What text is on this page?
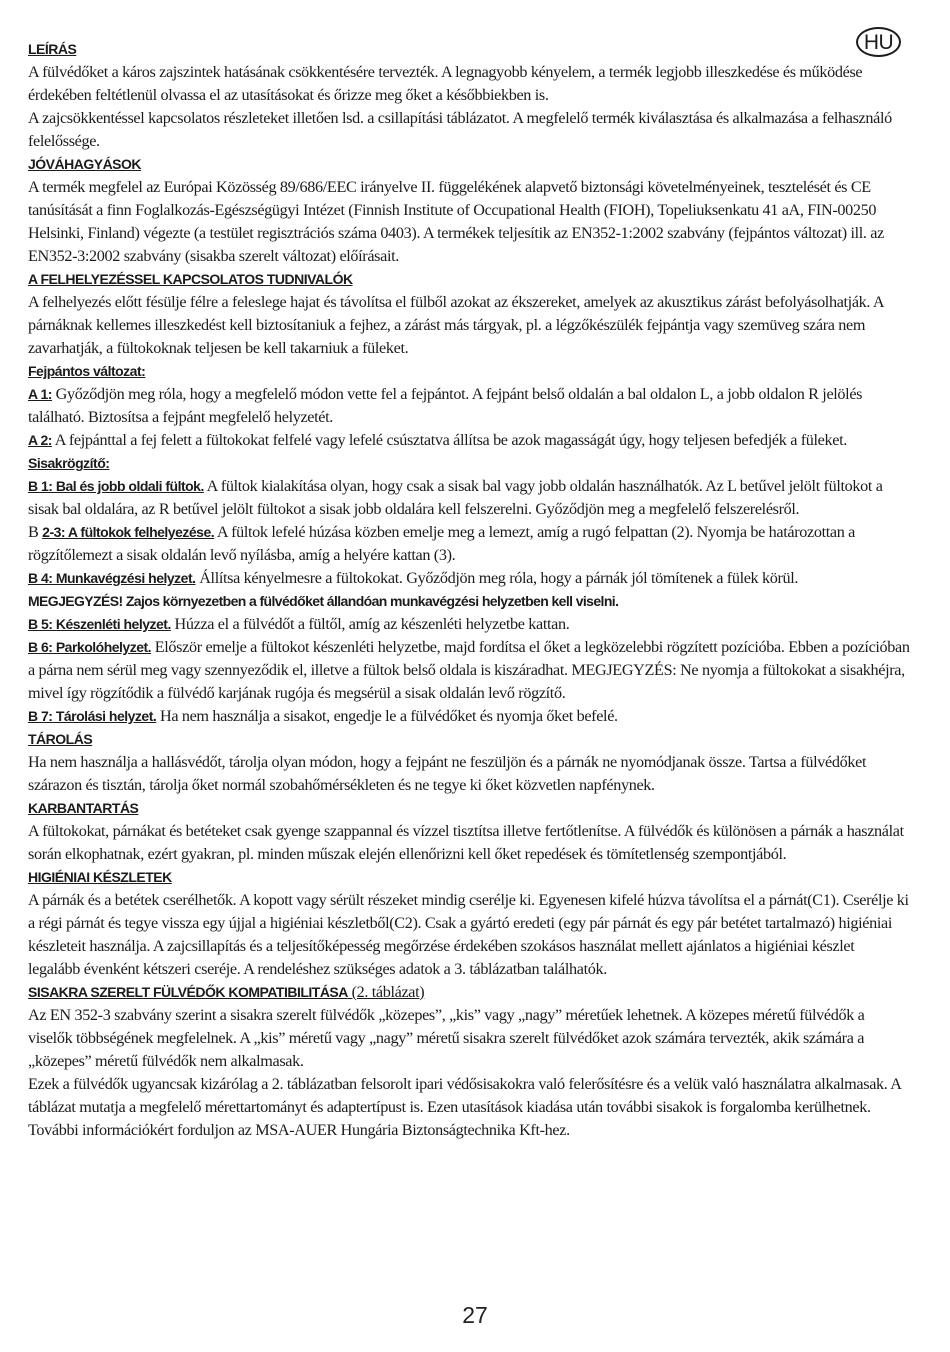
HU
LEÍRÁS

A fülvédőket a káros zajszintek hatásának csökkentésére tervezték. A legnagyobb kényelem, a termék legjobb illeszkedése és működése érdekében feltétlenül olvassa el az utasításokat és őrizze meg őket a későbbiekben is.

A zajcsökkentéssel kapcsolatos részleteket illetően lsd. a csillapítási táblázatot. A megfelelő termék kiválasztása és alkalmazása a felhasználó felelőssége.

JÓVÁHAGYÁSOK

A termék megfelel az Európai Közösség 89/686/EEC irányelve II. függelékének alapvető biztonsági követelményeinek, tesztelését és CE tanúsítását a finn Foglalkozás-Egészségügyi Intézet (Finnish Institute of Occupational Health (FIOH), Topeliuksenkatu 41 aA, FIN-00250 Helsinki, Finland) végezte (a testület regisztrációs száma 0403). A termékek teljesítik az EN352-1:2002 szabvány (fejpántos változat) ill. az EN352-3:2002 szabvány (sisakba szerelt változat) előírásait.

A FELHELYEZÉSSEL KAPCSOLATOS TUDNIVALÓK

A felhelyezés előtt fésülje félre a feleslege hajat és távolítsa el fülből azokat az ékszereket, amelyek az akusztikus zárást befolyásolhatják. A párnáknak kellemes illeszkedést kell biztosítaniuk a fejhez, a zárást más tárgyak, pl. a légzőkészülék fejpántja vagy szemüveg szára nem zavarhatják, a fültokoknak teljesen be kell takarniuk a füleket.

Fejpántos változat:

A 1: Győződjön meg róla, hogy a megfelelő módon vette fel a fejpántot. A fejpánt belső oldalán a bal oldalon L, a jobb oldalon R jelölés található. Biztosítsa a fejpánt megfelelő helyzetét.

A 2: A fejpánttal a fej felett a fültokokat felfelé vagy lefelé csúsztatva állítsa be azok magasságát úgy, hogy teljesen befedjék a füleket.

Sisakrögzítő:

B 1: Bal és jobb oldali fültok. A fültok kialakítása olyan, hogy csak a sisak bal vagy jobb oldalán használhatók. Az L betűvel jelölt fültokot a sisak bal oldalára, az R betűvel jelölt fültokot a sisak jobb oldalára kell felszerelni. Győződjön meg a megfelelő felszerelésről.

B 2-3: A fültokok felhelyezése. A fültok lefelé húzása közben emelje meg a lemezt, amíg a rugó felpattan (2). Nyomja be határozottan a rögzítőlemezt a sisak oldalán levő nyílásba, amíg a helyére kattan (3).

B 4: Munkavégzési helyzet. Állítsa kényelmesre a fültokokat. Győződjön meg róla, hogy a párnák jól tömítenek a fülek körül.

MEGJEGYZÉS! Zajos környezetben a fülvédőket állandóan munkavégzési helyzetben kell viselni.

B 5: Készenléti helyzet. Húzza el a fülvédőt a fültől, amíg az készenléti helyzetbe kattan.

B 6: Parkolóhelyzet. Először emelje a fültokot készenléti helyzetbe, majd fordítsa el őket a legközelebbi rögzített pozícióba. Ebben a pozícióban a párna nem sérül meg vagy szennyeződik el, illetve a fültok belső oldala is kiszáradhat. MEGJEGYZÉS: Ne nyomja a fültokokat a sisakhéjra, mivel így rögzítődik a fülvédő karjának rugója és megsérül a sisak oldalán levő rögzítő.

B 7: Tárolási helyzet. Ha nem használja a sisakot, engedje le a fülvédőket és nyomja őket befelé.

TÁROLÁS

Ha nem használja a hallásvédőt, tárolja olyan módon, hogy a fejpánt ne feszüljön és a párnák ne nyomódjanak össze. Tartsa a fülvédőket szárazon és tisztán, tárolja őket normál szobahőmérsékleten és ne tegye ki őket közvetlen napfénynek.

KARBANTARTÁS

A fültokokat, párnákat és betéteket csak gyenge szappannal és vízzel tisztítsa illetve fertőtlenítse. A fülvédők és különösen a párnák a használat során elkophatnak, ezért gyakran, pl. minden műszak elején ellenőrizni kell őket repedések és tömítetlenség szempontjából.

HIGIÉNIAI KÉSZLETEK

A párnák és a betétek cserélhetők. A kopott vagy sérült részeket mindig cserélje ki. Egyenesen kifelé húzva távolítsa el a párnát(C1). Cserélje ki a régi párnát és tegye vissza egy újjal a higiéniai készletből(C2). Csak a gyártó eredeti (egy pár párnát és egy pár betétet tartalmazó) higiéniai készleteit használja. A zajcsillapítás és a teljesítőképesség megőrzése érdekében szokásos használat mellett ajánlatos a higiéniai készlet legalább évenként kétszeri cseréje. A rendeléshez szükséges adatok a 3. táblázatban találhatók.

SISAKRA SZERELT FÜLVÉDŐK KOMPATIBILITÁSA (2. táblázat)

Az EN 352-3 szabvány szerint a sisakra szerelt fülvédők „közepes”, „kis” vagy „nagy” méretűek lehetnek. A közepes méretű fülvédők a viselők többségének megfelelnek. A „kis” méretű vagy „nagy” méretű sisakra szerelt fülvédőket azok számára tervezték, akik számára a „közepes” méretű fülvédők nem alkalmasak.

Ezek a fülvédők ugyancsak kizárólag a 2. táblázatban felsorolt ipari védősisakokra való felerősítésre és a velük való használatra alkalmasak. A táblázat mutatja a megfelelő mérettartományt és adaptertípust is. Ezen utasítások kiadása után további sisakok is forgalomba kerülhetnek.

További információkért forduljon az MSA-AUER Hungária Biztonságtechnika Kft-hez.

27
